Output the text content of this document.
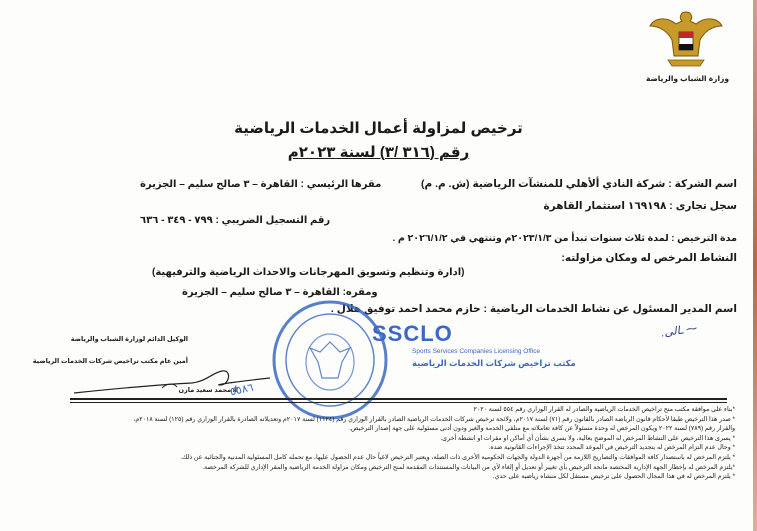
وزارة الشباب والرياضة
ترخيص لمزاولة أعمال الخدمات الرياضية
رقم (٣١٦ /٣) لسنة ٢٠٢٣م
اسم الشركة : شركة النادي ألأهلي للمنشآت الرياضية (ش. م. م)
مقرها الرئيسي : القاهرة – ٣ صالح سليم – الجزيرة
سجل تجارى : ١٦٩١٩٨ استثمار القاهرة
رقم التسجيل الضريبي : ٧٩٩ - ٣٤٩ - ٦٣٦
مدة الترخيص : لمدة ثلاث سنوات تبدأ من ٢٠٢٣/١/٣م وتنتهي في ٢٠٢٦/١/٢ م .
النشاط المرخص له ومكان مزاولته:
(ادارة وتنظيم وتسويق المهرجانات والاحداث الرياضية والترفيهية)
ومقره: القاهرة – ٣ صالح سليم – الجزيرة
اسم المدير المسئول عن نشاط الخدمات الرياضية : حازم محمد احمد توفيق هلال .
SSCLO
Sports Services Companies Licensing Office
مكتب تراخيص شركات الخدمات الرياضية
٥٥٨٦
⁓ ـالى.
الوكيل الدائم لوزارة الشباب والرياضة
أمين عام مكتب تراخيص شركات الخدمات الرياضية
أ/ محمد سعيد مازن
*بناء على موافقة مكتب منح تراخيص الخدمات الرياضية والصادر له القرار الوزاري رقم ٥٥٤ لسنة ٢٠٢٠
* صدر هذا الترخيص طبقا لأحكام قانون الرياضة الصادر بالقانون رقم (٧١) لسنة ٢٠١٧م، ولائحة ترخيص شركات الخدمات الرياضية الصادر بالقرار الوزاري رقم (١١٢٤) لسنة ٢٠١٧م وتعديلاته الصادرة بالقرار الوزاري رقم (١٢٥) لسنة ٢٠١٨م،
والقرار رقم (٧٨٩) لسنة ٢٠٢٢ ويكون المرخص له وحدة مسئولاً عن كافة تعاملاته مع متلقي الخدمة والغير ودون أدنى مسئولية على جهة إصدار الترخيص.
* يسرى هذا الترخيص على النشاط المرخص له الموضح بعالية، ولا يسرى بشأن أي أماكن او مقرات او انشطة أخرى.
* وحال عدم التزام المرخص له بتجديد الترخيص في الموعد المحدد تتخذ الإجراءات القانونية ضده.
* يلتزم المرخص له باستصدار كافة الموافقات والتصاريح اللازمة من أجهزة الدولة والجهات الحكومية الأخرى ذات الصلة، ويعتبر الترخيص لاغياً حال عدم الحصول عليها، مع تحمله كامل المسئولية المدنية والجنائية عن ذلك.
*يلتزم المرخص له بإخطار الجهة الإدارية المختصة مانحة الترخيص بأي تغيير أو تعديل أو إلغاء لأي من البيانات والمستندات المقدمة لمنح الترخيص ومكان مزاولة الخدمة الرياضية والمقر الإداري للشركة المرخصة.
* يلتزم المرخص له في هذا المجال الحصول على ترخيص مستقل لكل منشاه رياضية على حدي.
